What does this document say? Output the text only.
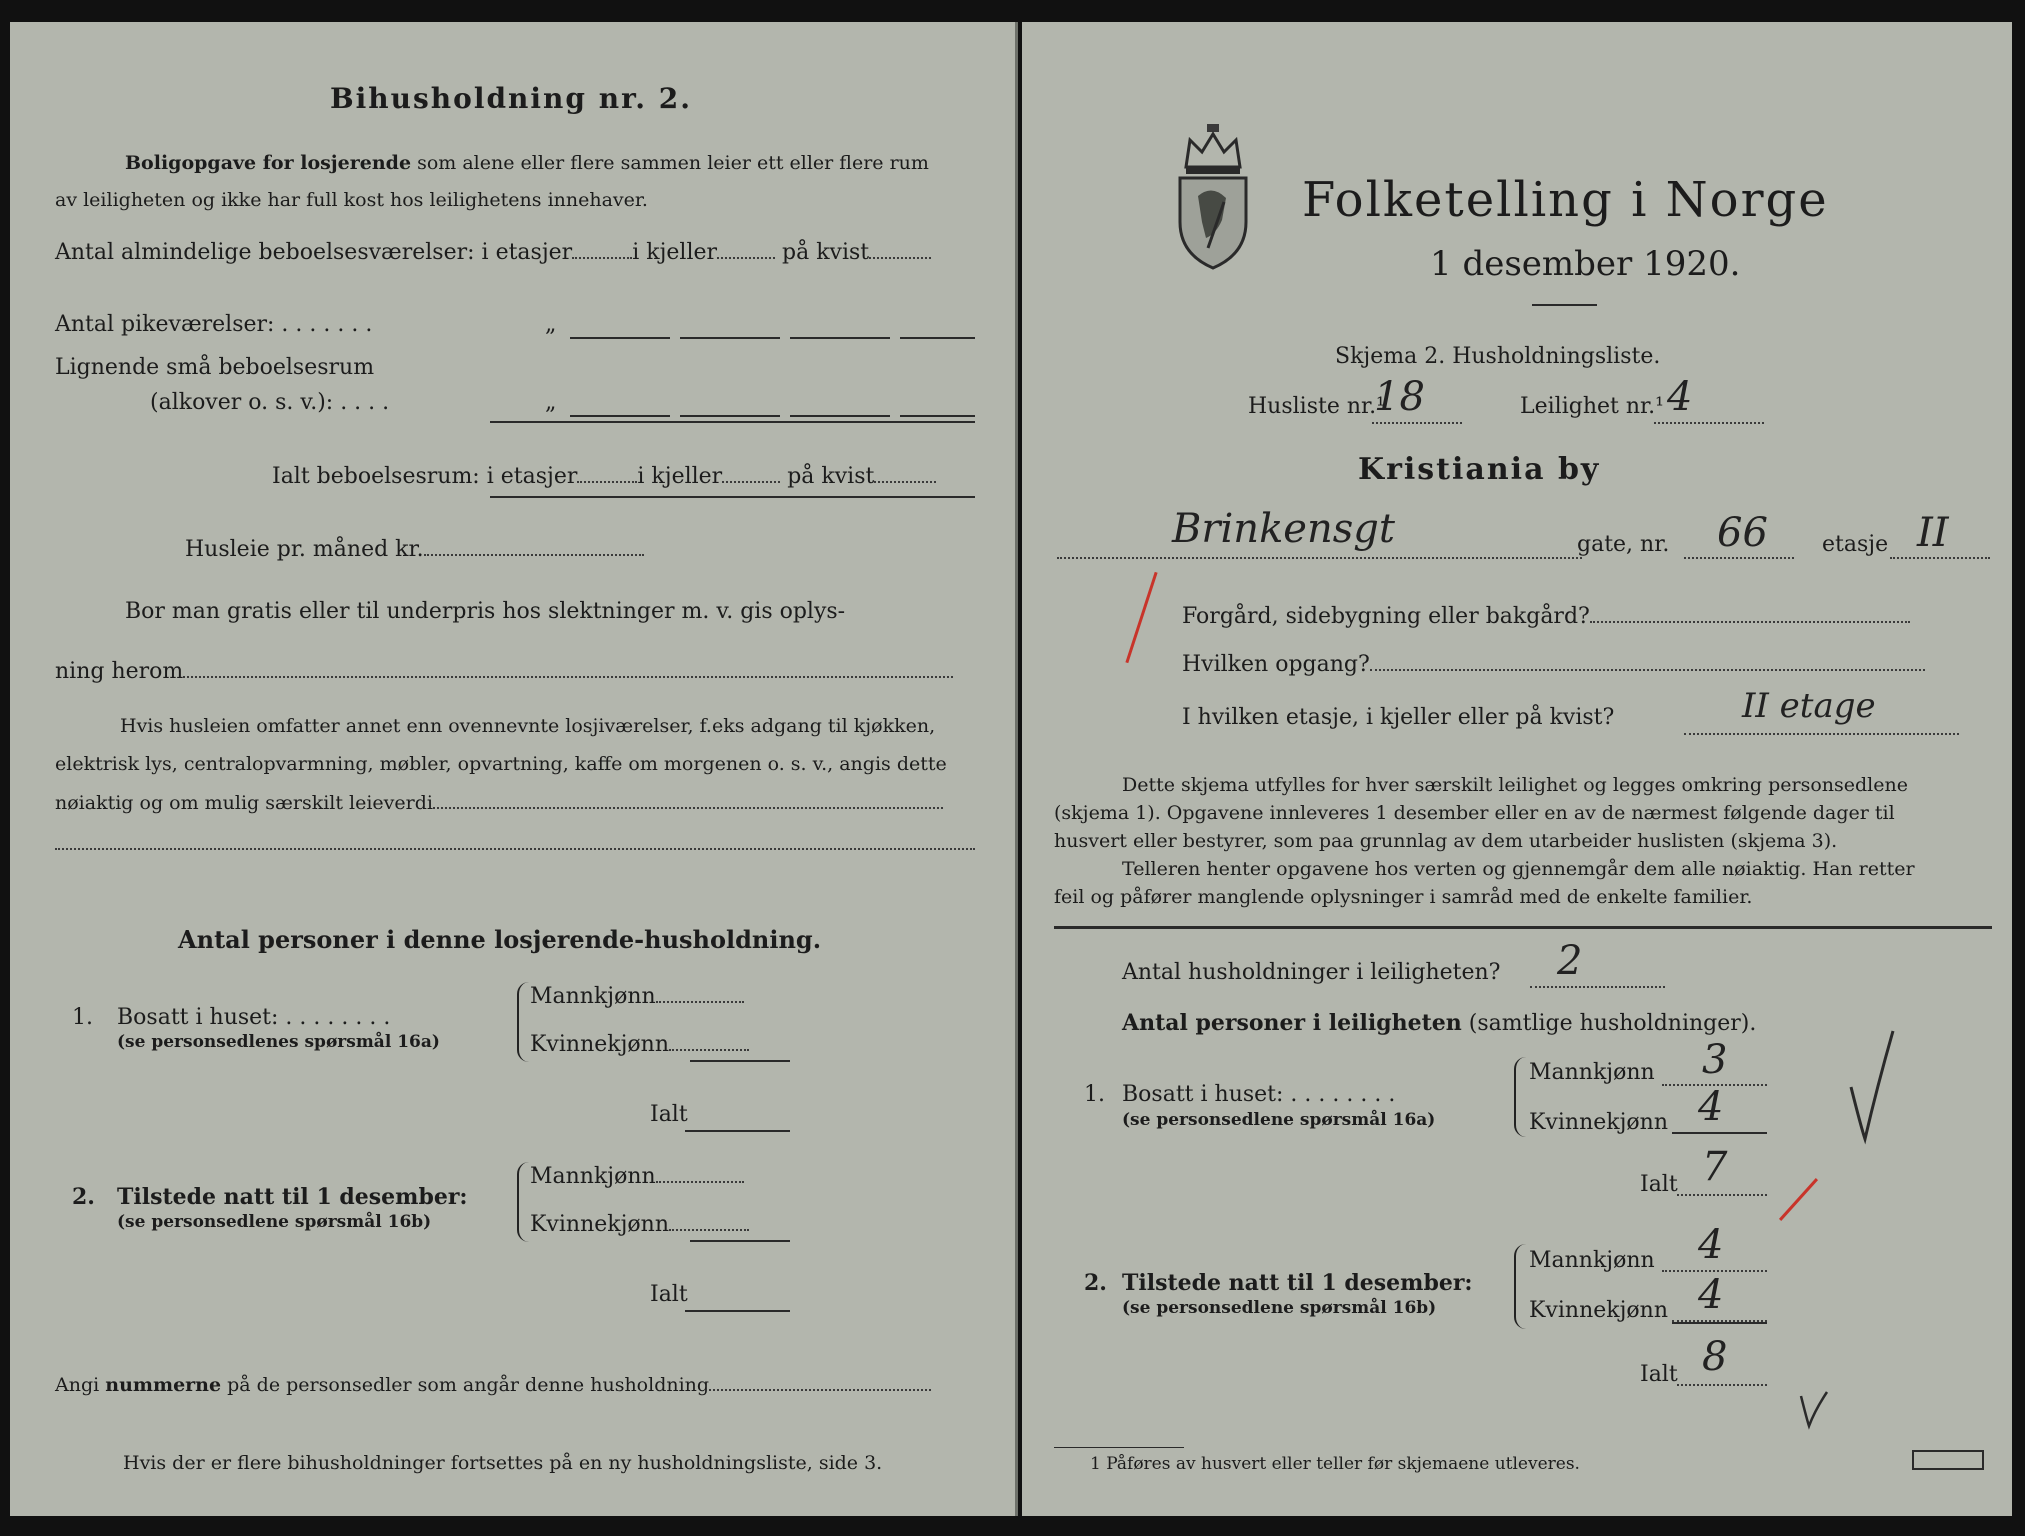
Bihusholdning nr. 2.
Boligopgave for losjerende som alene eller flere sammen leier ett eller flere rum
av leiligheten og ikke har full kost hos leilighetens innehaver.
Antal almindelige beboelsesværelser: i etasjer	i kjeller	på kvist
Antal pikeværelser: . . . . . . .	„
Lignende små beboelsesrum
(alkover o. s. v.): . . . .	„
Ialt beboelsesrum: i etasjer	i kjeller	på kvist
Husleie pr. måned kr.
Bor man gratis eller til underpris hos slektninger m. v. gis oplys-
ning herom
Hvis husleien omfatter annet enn ovennevnte losjiværelser, f.eks adgang til kjøkken,
elektrisk lys, centralopvarmning, møbler, opvartning, kaffe om morgenen o. s. v., angis dette
nøiaktig og om mulig særskilt leieverdi
Antal personer i denne losjerende-husholdning.
1. Bosatt i huset: . . . . . . . .
(se personsedlenes spørsmål 16a)
Mannkjønn
Kvinnekjønn
Ialt
2. Tilstede natt til 1 desember:
(se personsedlene spørsmål 16b)
Mannkjønn
Kvinnekjønn
Ialt
Angi nummerne på de personsedler som angår denne husholdning
Hvis der er flere bihusholdninger fortsettes på en ny husholdningsliste, side 3.
Folketelling i Norge
1 desember 1920.
Skjema 2. Husholdningsliste.
Husliste nr.¹
18	Leilighet nr.¹ 4
Kristiania by
Brinkensgt	gate, nr. 66 etasje II
Forgård, sidebygning eller bakgård?
Hvilken opgang?
I hvilken etasje, i kjeller eller på kvist?	II etage
Dette skjema utfylles for hver særskilt leilighet og legges omkring personsedlene
(skjema 1). Opgavene innleveres 1 desember eller en av de nærmest følgende dager til
husvert eller bestyrer, som paa grunnlag av dem utarbeider huslisten (skjema 3).
Telleren henter opgavene hos verten og gjennemgår dem alle nøiaktig. Han retter
feil og påfører manglende oplysninger i samråd med de enkelte familier.
Antal husholdninger i leiligheten? 2
Antal personer i leiligheten (samtlige husholdninger).
1. Bosatt i huset: . . . . . . . .
(se personsedlene spørsmål 16a)
Mannkjønn 3
Kvinnekjønn 4
Ialt 7
2. Tilstede natt til 1 desember:
(se personsedlene spørsmål 16b)
Mannkjønn 4
Kvinnekjønn 4
Ialt 8
1 Påføres av husvert eller teller før skjemaene utleveres.
